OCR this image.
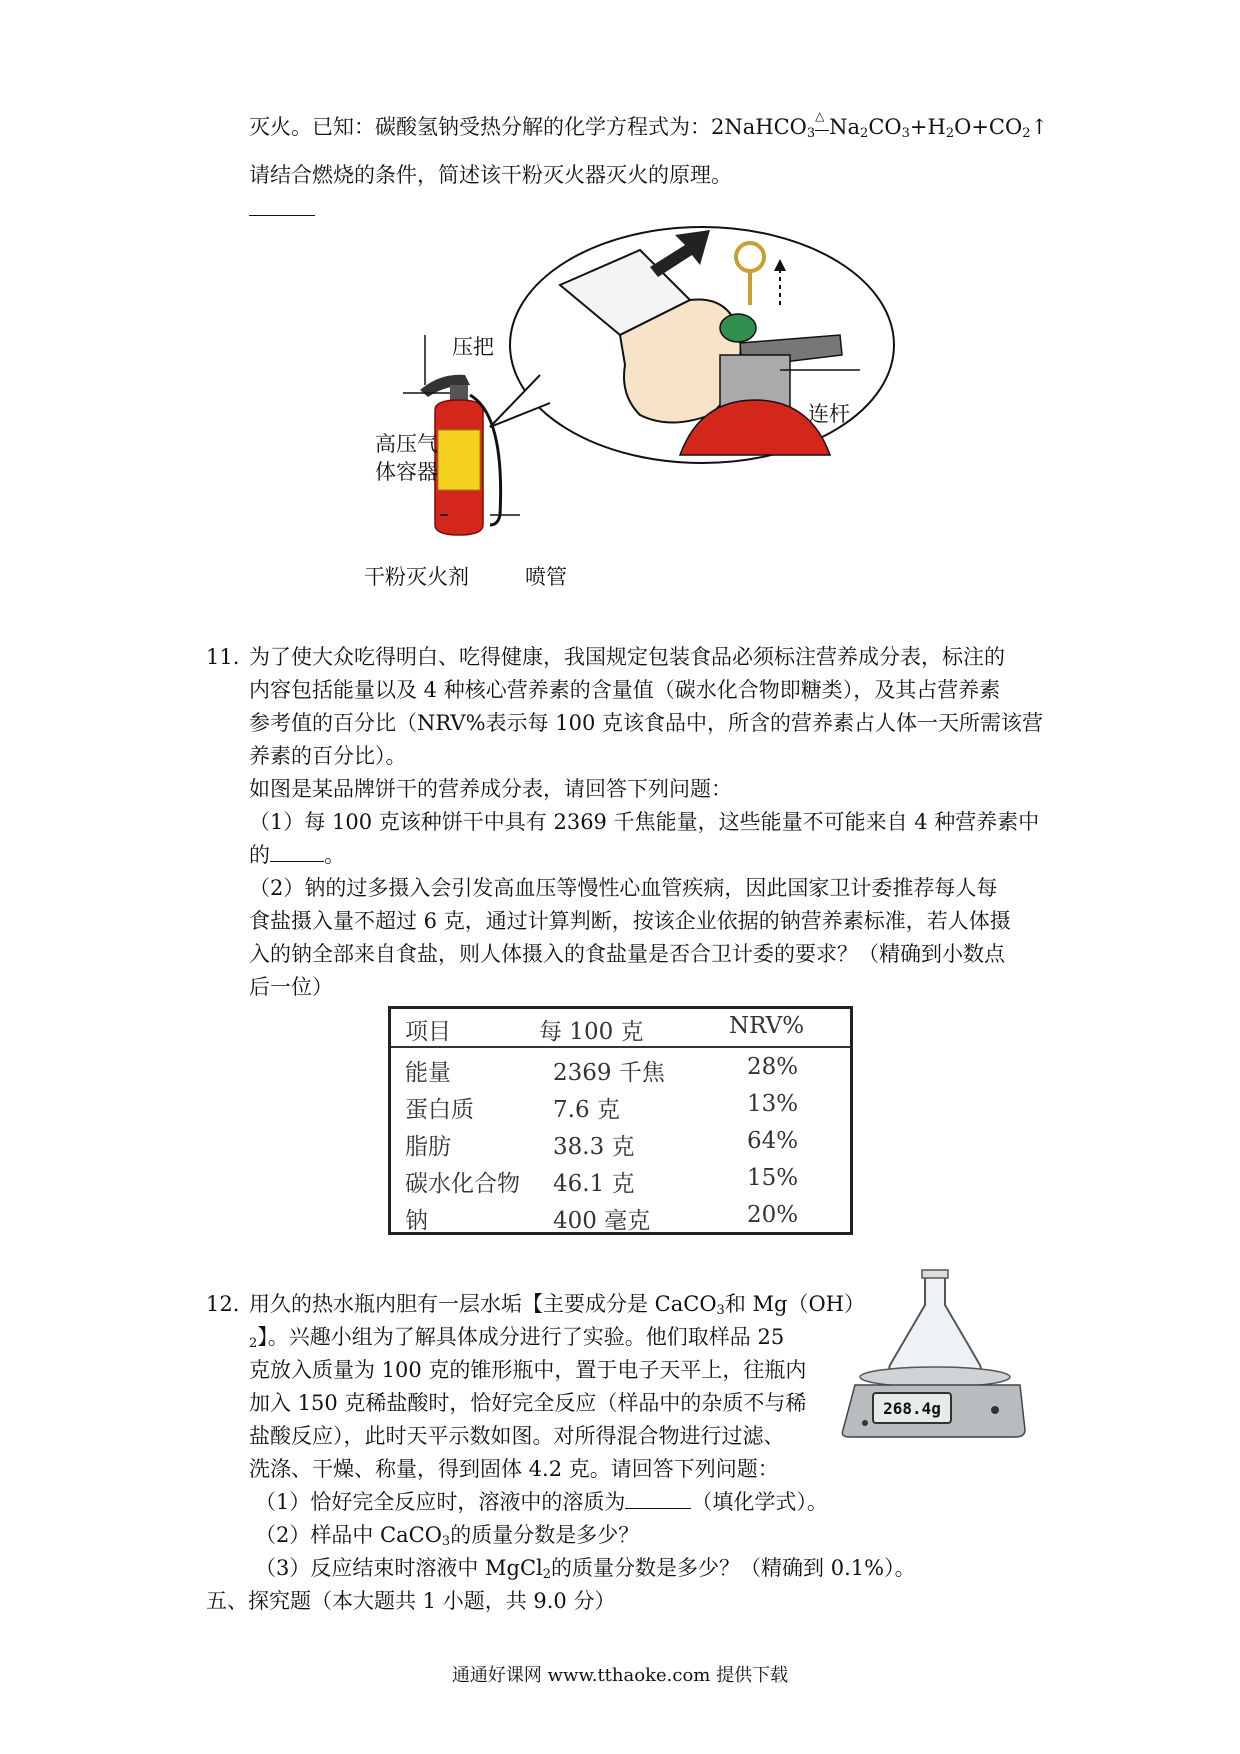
灭火。已知：碳酸氢钠受热分解的化学方程式为：2NaHCO$_3$
△ $Na_2CO_3+H_2O+CO_2↑$
请结合燃烧的条件，简述该干粉灭火器灭火的原理。
压把
高压气
体容器
干粉灭火剂	喷管
连杆
11. 为了使大众吃得明白、吃得健康，我国规定包装食品必须标注营养成分表，标注的
内容包括能量以及 4 种核心营养素的含量值（碳水化合物即糖类），及其占营养素
参考值的百分比（NRV%表示每 100 克该食品中，所含的营养素占人体一天所需该营
养素的百分比）。
如图是某品牌饼干的营养成分表，请回答下列问题：
（1）每 100 克该种饼干中具有 2369 千焦能量，这些能量不可能来自 4 种营养素中
的	。
（2）钠的过多摄入会引发高血压等慢性心血管疾病，因此国家卫计委推荐每人每
食盐摄入量不超过 6 克，通过计算判断，按该企业依据的钠营养素标准，若人体摄
入的钠全部来自食盐，则人体摄入的食盐量是否合卫计委的要求？（精确到小数点
后一位）
项目	每 100 克	NRV%
能量	2369 千焦	28%
蛋白质	7.6 克	13%
脂肪	38.3 克	64%
碳水化合物 46.1 克	15%
钠	400 毫克	20%
12. 用久的热水瓶内胆有一层水垢【主要成分是 CaCO$_3$和 Mg（OH）
$_2$】。兴趣小组为了解具体成分进行了实验。他们取样品 25
克放入质量为 100 克的锥形瓶中，置于电子天平上，往瓶内
加入 150 克稀盐酸时，恰好完全反应（样品中的杂质不与稀
盐酸反应），此时天平示数如图。对所得混合物进行过滤、
洗涤、干燥、称量，得到固体 4.2 克。请回答下列问题：
（1）恰好完全反应时，溶液中的溶质为	（填化学式）。
（2）样品中 CaCO$_3$的质量分数是多少？
（3）反应结束时溶液中 MgCl$_2$的质量分数是多少？（精确到 0.1%）。
268.4g
五、探究题（本大题共 1 小题，共 9.0 分）
通通好课网 www.tthaoke.com 提供下载
